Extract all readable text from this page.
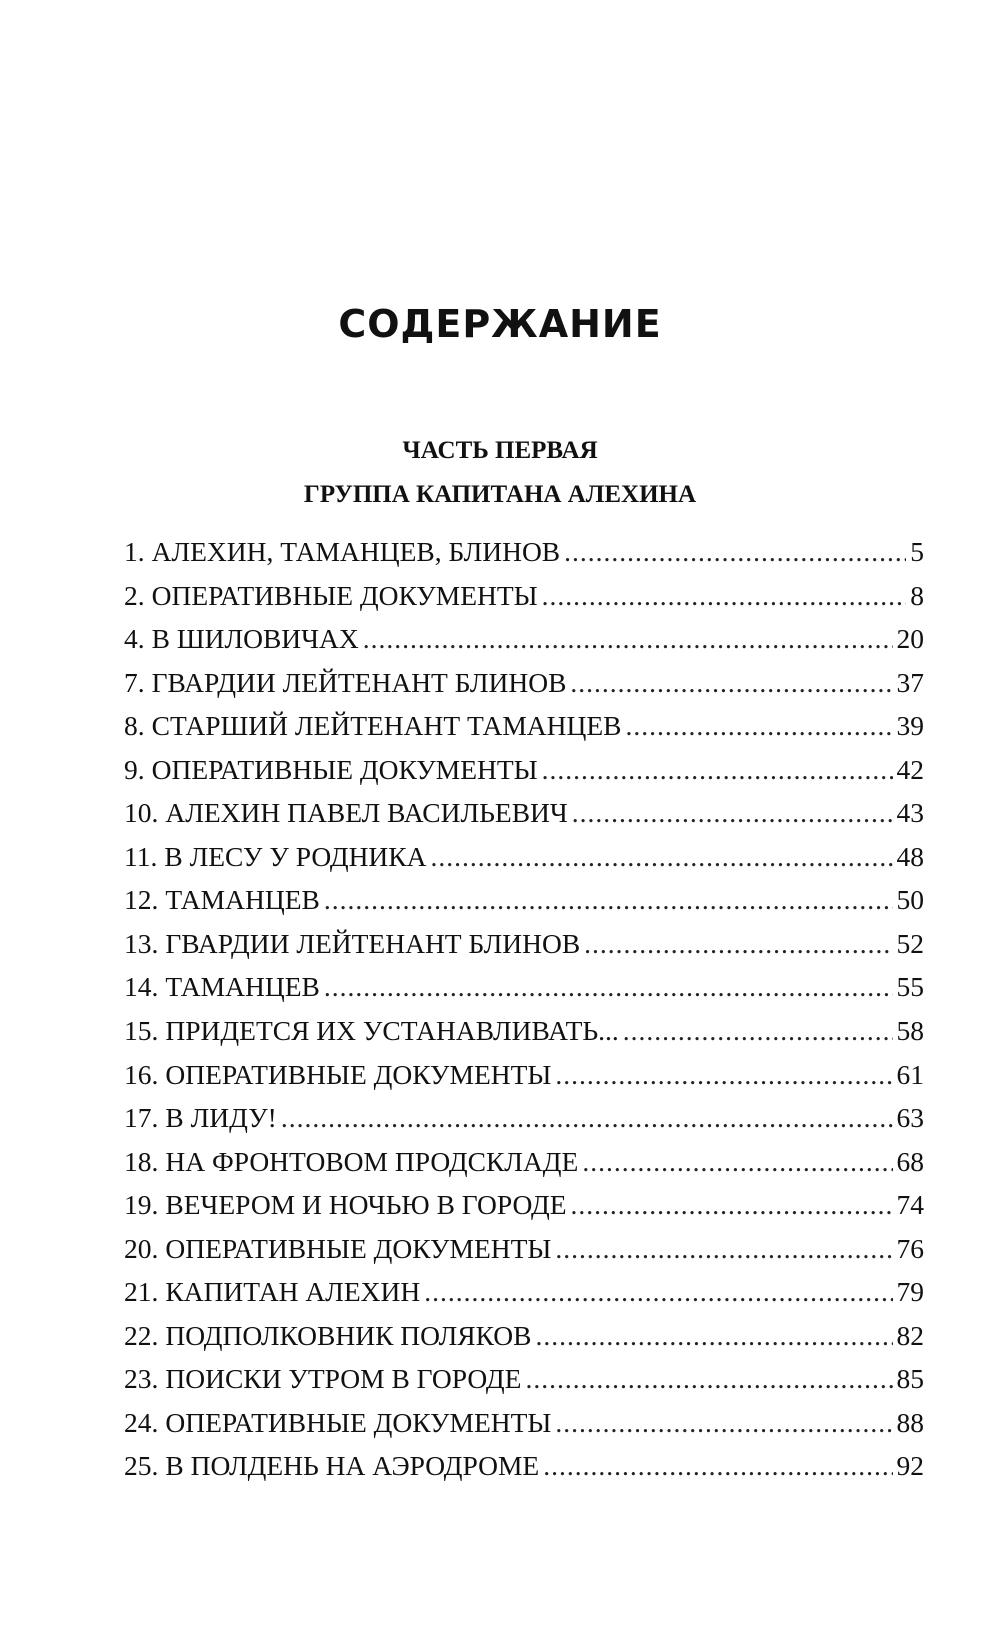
СОДЕРЖАНИЕ
ЧАСТЬ ПЕРВАЯ
ГРУППА КАПИТАНА АЛЕХИНА
1. АЛЕХИН, ТАМАНЦЕВ, БЛИНОВ .....	5
2. ОПЕРАТИВНЫЕ ДОКУМЕНТЫ .....	8
4. В ШИЛОВИЧАХ .....	20
7. ГВАРДИИ ЛЕЙТЕНАНТ БЛИНОВ .....	37
8. СТАРШИЙ ЛЕЙТЕНАНТ ТАМАНЦЕВ .....	39
9. ОПЕРАТИВНЫЕ ДОКУМЕНТЫ .....	42
10. АЛЕХИН ПАВЕЛ ВАСИЛЬЕВИЧ .....	43
11. В ЛЕСУ У РОДНИКА .....	48
12. ТАМАНЦЕВ .....	50
13. ГВАРДИИ ЛЕЙТЕНАНТ БЛИНОВ .....	52
14. ТАМАНЦЕВ .....	55
15. ПРИДЕТСЯ ИХ УСТАНАВЛИВАТЬ... .....	58
16. ОПЕРАТИВНЫЕ ДОКУМЕНТЫ .....	61
17. В ЛИДУ! .....	63
18. НА ФРОНТОВОМ ПРОДСКЛАДЕ .....	68
19. ВЕЧЕРОМ И НОЧЬЮ В ГОРОДЕ .....	74
20. ОПЕРАТИВНЫЕ ДОКУМЕНТЫ .....	76
21. КАПИТАН АЛЕХИН .....	79
22. ПОДПОЛКОВНИК ПОЛЯКОВ .....	82
23. ПОИСКИ УТРОМ В ГОРОДЕ .....	85
24. ОПЕРАТИВНЫЕ ДОКУМЕНТЫ .....	88
25. В ПОЛДЕНЬ НА АЭРОДРОМЕ .....	92
